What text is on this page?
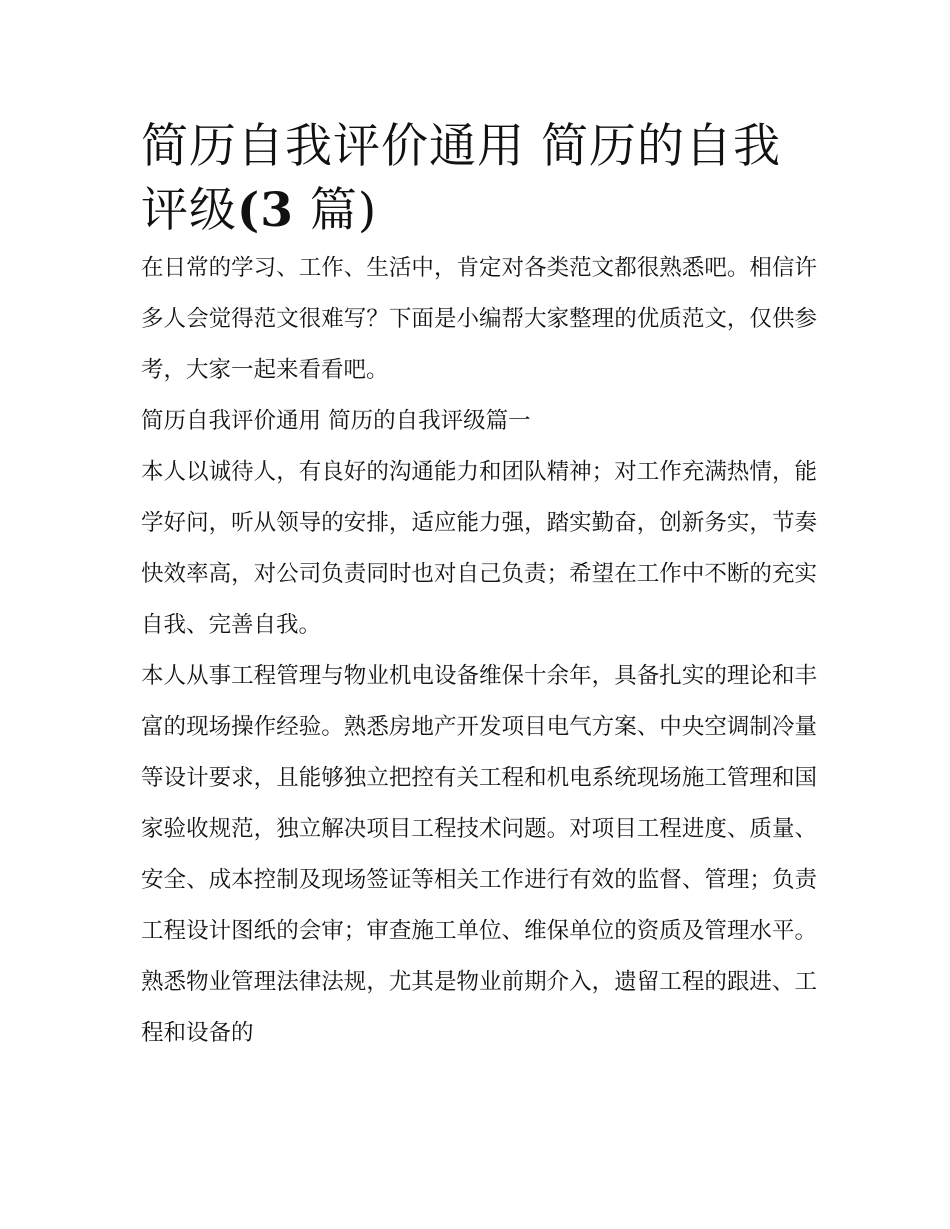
简历自我评价通用 简历的自我评级(3 篇)

在日常的学习、工作、生活中，肯定对各类范文都很熟悉吧。相信许多人会觉得范文很难写？下面是小编帮大家整理的优质范文，仅供参考，大家一起来看看吧。

简历自我评价通用 简历的自我评级篇一

本人以诚待人，有良好的沟通能力和团队精神；对工作充满热情，能学好问，听从领导的安排，适应能力强，踏实勤奋，创新务实，节奏快效率高，对公司负责同时也对自己负责；希望在工作中不断的充实自我、完善自我。

本人从事工程管理与物业机电设备维保十余年，具备扎实的理论和丰富的现场操作经验。熟悉房地产开发项目电气方案、中央空调制冷量等设计要求，且能够独立把控有关工程和机电系统现场施工管理和国家验收规范，独立解决项目工程技术问题。对项目工程进度、质量、安全、成本控制及现场签证等相关工作进行有效的监督、管理；负责工程设计图纸的会审；审查施工单位、维保单位的资质及管理水平。熟悉物业管理法律法规，尤其是物业前期介入，遗留工程的跟进、工程和设备的
